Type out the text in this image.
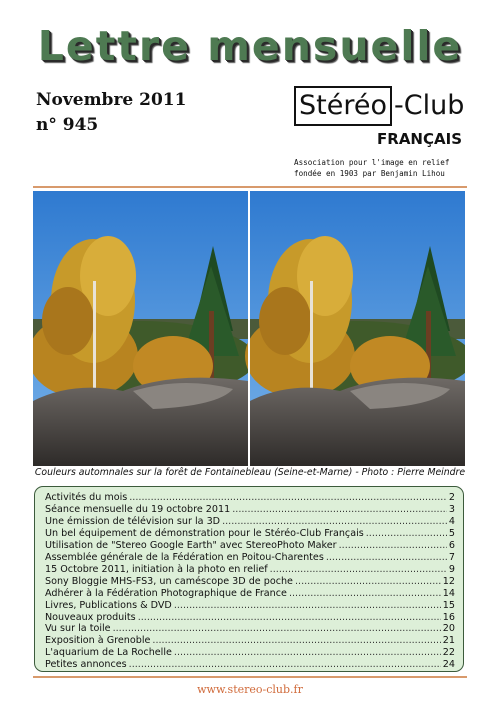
Lettre mensuelle
Novembre 2011
n° 945
Stéréo -Club
FRANÇAIS
Association pour l'image en relief
fondée en 1903 par Benjamin Lihou
Couleurs automnales sur la forêt de Fontainebleau (Seine-et-Marne) - Photo : Pierre Meindre
Activités du mois .....	2
Séance mensuelle du 19 octobre 2011 .....	3
Une émission de télévision sur la 3D .....	4
Un bel équipement de démonstration pour le Stéréo-Club Français .....	5
Utilisation de "Stereo Google Earth" avec StereoPhoto Maker .....	6
Assemblée générale de la Fédération en Poitou-Charentes .....	7
15 Octobre 2011, initiation à la photo en relief .....	9
Sony Bloggie MHS-FS3, un caméscope 3D de poche .....	12
Adhérer à la Fédération Photographique de France .....	14
Livres, Publications & DVD .....	15
Nouveaux produits .....	16
Vu sur la toile .....	20
Exposition à Grenoble .....	21
L'aquarium de La Rochelle .....	22
Petites annonces .....	24
www.stereo-club.fr
